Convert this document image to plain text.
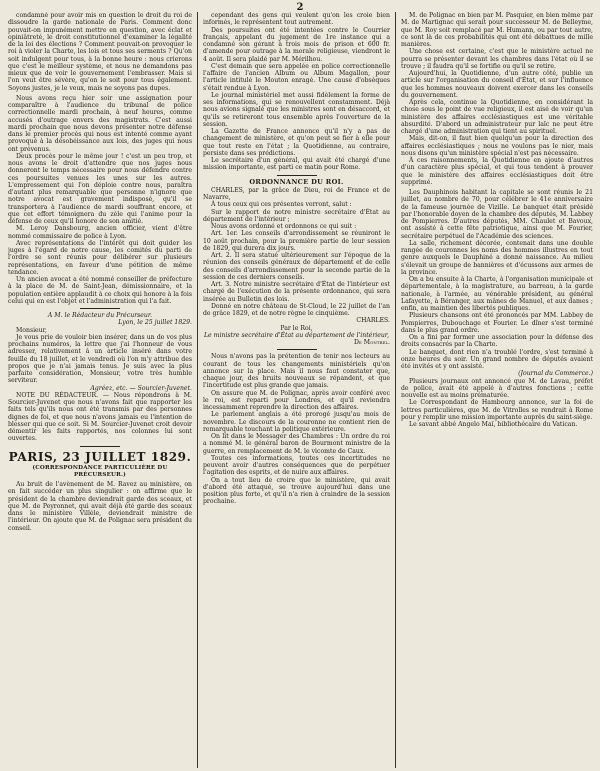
2

condamné pour avoir mis en question le droit du roi de dissoudre la garde nationale de Paris. Comment donc pouvait-on impunément mettre en question, avec éclat et opiniâtreté, le droit constitutionnel d'examiner la légalité de la loi des élections ? Comment pouvait-on provoquer le roi à violer la Charte, les lois et tous ses serments ? Qu'on soit indulgent pour tous, à la bonne heure : nous crierons que c'est le meilleur système, et nous ne demandons pas mieux que de voir le gouvernement l'embrasser. Mais si l'on veut être sévère, qu'on le soit pour tous également. Soyons justes, je le veux, mais ne soyons pas dupes.

Nous avons reçu hier soir une assignation pour comparaître à l'audience du tribunal de police correctionnelle mardi prochain, à neuf heures, comme accusés d'outrage envers des magistrats. C'est aussi mardi prochain que nous devons présenter notre défense dans le premier procès qui nous est intenté comme ayant provoqué à la désobéissance aux lois, des juges qui nous ont prévenus.

Deux procès pour le même jour ! c'est un peu trop, et nous avons le droit d'attendre que nos juges nous donneront le temps nécessaire pour nous défendre contre ces poursuites venues les unes sur les autres. L'empressement qui l'on déploie contre nous, paraîtra d'autant plus remarquable que personne n'ignore que notre avocat est gravement indisposé, qu'il se transportera à l'audience de mardi souffrant encore, et que cet effort témoignera du zèle qui l'anime pour la défense de ceux qu'il honore de son amitié.

M. Leroy Dansbourg, ancien officier, vient d'être nommé commissaire de police à Lyon.

Avec représentations de l'intérêt qui doit guider les juges à l'égard de notre cause, les comités du parti de l'ordre se sont réunis pour délibérer sur plusieurs représentations, en faveur d'une pétition de même tendance.

Un ancien avocat a été nommé conseiller de préfecture à la place de M. de Saint-Jean, démissionnaire, et la population entière applaudit à ce choix qui honore à la fois celui qui en est l'objet et l'administration qui l'a fait.

A M. le Rédacteur du Précurseur.

Lyon, le 25 juillet 1829.

Monsieur,

Je vous prie de vouloir bien insérer, dans un de vos plus prochains numéros, la lettre que j'ai l'honneur de vous adresser, relativement à un article inséré dans votre feuille du 18 juillet, et le vendredi où l'on m'y attribue des propos que je n'ai jamais tenus. Je suis avec la plus parfaite considération, Monsieur, votre très humble serviteur.

Agréez, etc. — Sourcier-Juvenet.

NOTE DU RÉDACTEUR. — Nous répondrons à M. Sourcier-Juvenet que nous n'avons fait que rapporter les faits tels qu'ils nous ont été transmis par des personnes dignes de foi, et que nous n'avons jamais eu l'intention de blesser qui que ce soit. Si M. Sourcier-Juvenet croit devoir démentir les faits rapportés, nos colonnes lui sont ouvertes.

PARIS, 23 JUILLET 1829.
(CORRESPONDANCE PARTICULIÈRE DU PRÉCURSEUR.)

Au bruit de l'avènement de M. Ravez au ministère, on en fait succéder un plus singulier : on affirme que le président de la chambre deviendrait garde des sceaux, et que M. de Peyronnet, qui avait déjà été garde des sceaux dans le ministère Villèle, deviendrait ministre de l'intérieur. On ajoute que M. de Polignac sera président du conseil.

cependant des gens qui veulent qu'on les croie bien informés, le représentent tout autrement.

Des poursuites ont été intentées contre le Courrier français, appelant du jugement de 1re instance qui a condamné son gérant à trois mois de prison et 600 fr. d'amende pour outrage à la morale religieuse, viendront le 4 août. Il sera plaidé par M. Mérilhou.

C'est demain que sera appelée en police correctionnelle l'affaire de l'ancien Album ou Album Magallon, pour l'article intitulé le Mouton enragé. Une cause d'obsèques s'était rendue à Lyon.

Le journal ministériel met aussi fidèlement la forme de ses informations, qui se renouvellent constamment. Déjà nous avions signalé que les ministres sont en désaccord, et qu'ils se retireront tous ensemble après l'ouverture de la session.

La Gazette de France annonce qu'il n'y a pas de changement de ministère, et qu'on peut se fier à elle pour que tout reste en l'état ; la Quotidienne, au contraire, persiste dans ses prédictions.

Le secrétaire d'un général, qui avait été chargé d'une mission importante, est parti ce matin pour Rome.

ORDONNANCE DU ROI.

CHARLES, par la grâce de Dieu, roi de France et de Navarre,

À tous ceux qui ces présentes verront, salut :

Sur le rapport de notre ministre secrétaire d'État au département de l'intérieur ;

Nous avons ordonné et ordonnons ce qui suit :

Art. 1er. Les conseils d'arrondissement se réuniront le 10 août prochain, pour la première partie de leur session de 1829, qui durera dix jours.

Art. 2. Il sera statué ultérieurement sur l'époque de la réunion des conseils généraux de département et de celle des conseils d'arrondissement pour la seconde partie de la session de ces derniers conseils.

Art. 3. Notre ministre secrétaire d'État de l'intérieur est chargé de l'exécution de la présente ordonnance, qui sera insérée au Bulletin des lois.

Donné en notre château de St-Cloud, le 22 juillet de l'an de grâce 1829, et de notre règne le cinquième.

CHARLES.

Par le Roi,

Le ministre secrétaire d'État au département de l'intérieur,

De Montbel.

Nous n'avons pas la prétention de tenir nos lecteurs au courant de tous les changements ministériels qu'on annonce sur la place. Mais il nous faut constater que, chaque jour, des bruits nouveaux se répandent, et que l'incertitude est plus grande que jamais.

On assure que M. de Polignac, après avoir conféré avec le roi, est reparti pour Londres, et qu'il reviendra incessamment reprendre la direction des affaires.

Le parlement anglais a été prorogé jusqu'au mois de novembre. Le discours de la couronne ne contient rien de remarquable touchant la politique extérieure.

On lit dans le Messager des Chambres : Un ordre du roi a nommé M. le général baron de Bourmont ministre de la guerre, en remplacement de M. le vicomte de Caux.

Toutes ces informations, toutes ces incertitudes ne peuvent avoir d'autres conséquences que de perpétuer l'agitation des esprits, et de nuire aux affaires.

On a tout lieu de croire que le ministère, qui avait d'abord été attaqué, se trouve aujourd'hui dans une position plus forte, et qu'il n'a rien à craindre de la session prochaine.

M. de Polignac en bien par M. Pasquier, en bien même par M. de Martignac qui serait pour successeur M. de Belleyme, que M. Roy soit remplacé par M. Humann, ou par tout autre, ce sont là de ces probabilités qui ont été débattues de mille manières.

Une chose est certaine, c'est que le ministère actuel ne pourra se présenter devant les chambres dans l'état où il se trouve ; il faudra qu'il se fortifie ou qu'il se retire.

Aujourd'hui, la Quotidienne, d'un autre côté, publie un article sur l'organisation du conseil d'État, et sur l'influence que les hommes nouveaux doivent exercer dans les conseils du gouvernement.

Après cela, continue la Quotidienne, en considérant la chose sous le point de vue religieux, il est aisé de voir qu'un ministère des affaires ecclésiastiques est une véritable absurdité. D'abord un administrateur pur laïc ne peut être chargé d'une administration qui tient au spirituel.

Mais, dit-on, il faut bien quelqu'un pour la direction des affaires ecclésiastiques ; nous ne voulons pas le nier, mais nous disons qu'un ministère spécial n'est pas nécessaire.

À ces raisonnements, la Quotidienne en ajoute d'autres d'un caractère plus spécial, et qui tous tendent à prouver que le ministère des affaires ecclésiastiques doit être supprimé.

Les Dauphinois habitant la capitale se sont réunis le 21 juillet, au nombre de 70, pour célébrer le 41e anniversaire de la fameuse journée de Vizille. Le banquet était présidé par l'honorable doyen de la chambre des députés, M. Labbey de Pompierres. D'autres députés, MM. Chaulet et Bavoux, ont assisté à cette fête patriotique, ainsi que M. Fourier, secrétaire perpétuel de l'Académie des sciences.

La salle, richement décorée, contenait dans une double rangée de couronnes les noms des hommes illustres en tout genre auxquels le Dauphiné a donné naissance. Au milieu s'élevait un groupe de bannières et d'écussons aux armes de la province.

On a bu ensuite à la Charte, à l'organisation municipale et départementale, à la magistrature, au barreau, à la garde nationale, à l'armée, au vénérable président, au général Lafayette, à Béranger, aux mânes de Manuel, et aux dames ; enfin, au maintien des libertés publiques.

Plusieurs chansons ont été prononcés par MM. Labbey de Pompierres, Dubouchage et Fourier. Le dîner s'est terminé dans le plus grand ordre.

On a fini par former une association pour la défense des droits consacrés par la Charte.

Le banquet, dont rien n'a troublé l'ordre, s'est terminé à onze heures du soir. Un grand nombre de députés avaient été invités et y ont assisté.

(Journal du Commerce.)

Plusieurs journaux ont annoncé que M. de Lavau, préfet de police, avait été appelé à d'autres fonctions ; cette nouvelle est au moins prématurée.

Le Correspondant de Hambourg annonce, sur la foi de lettres particulières, que M. de Vitrolles se rendrait à Rome pour y remplir une mission importante auprès du saint-siège.

Le savant abbé Angelo Maï, bibliothécaire du Vatican.
